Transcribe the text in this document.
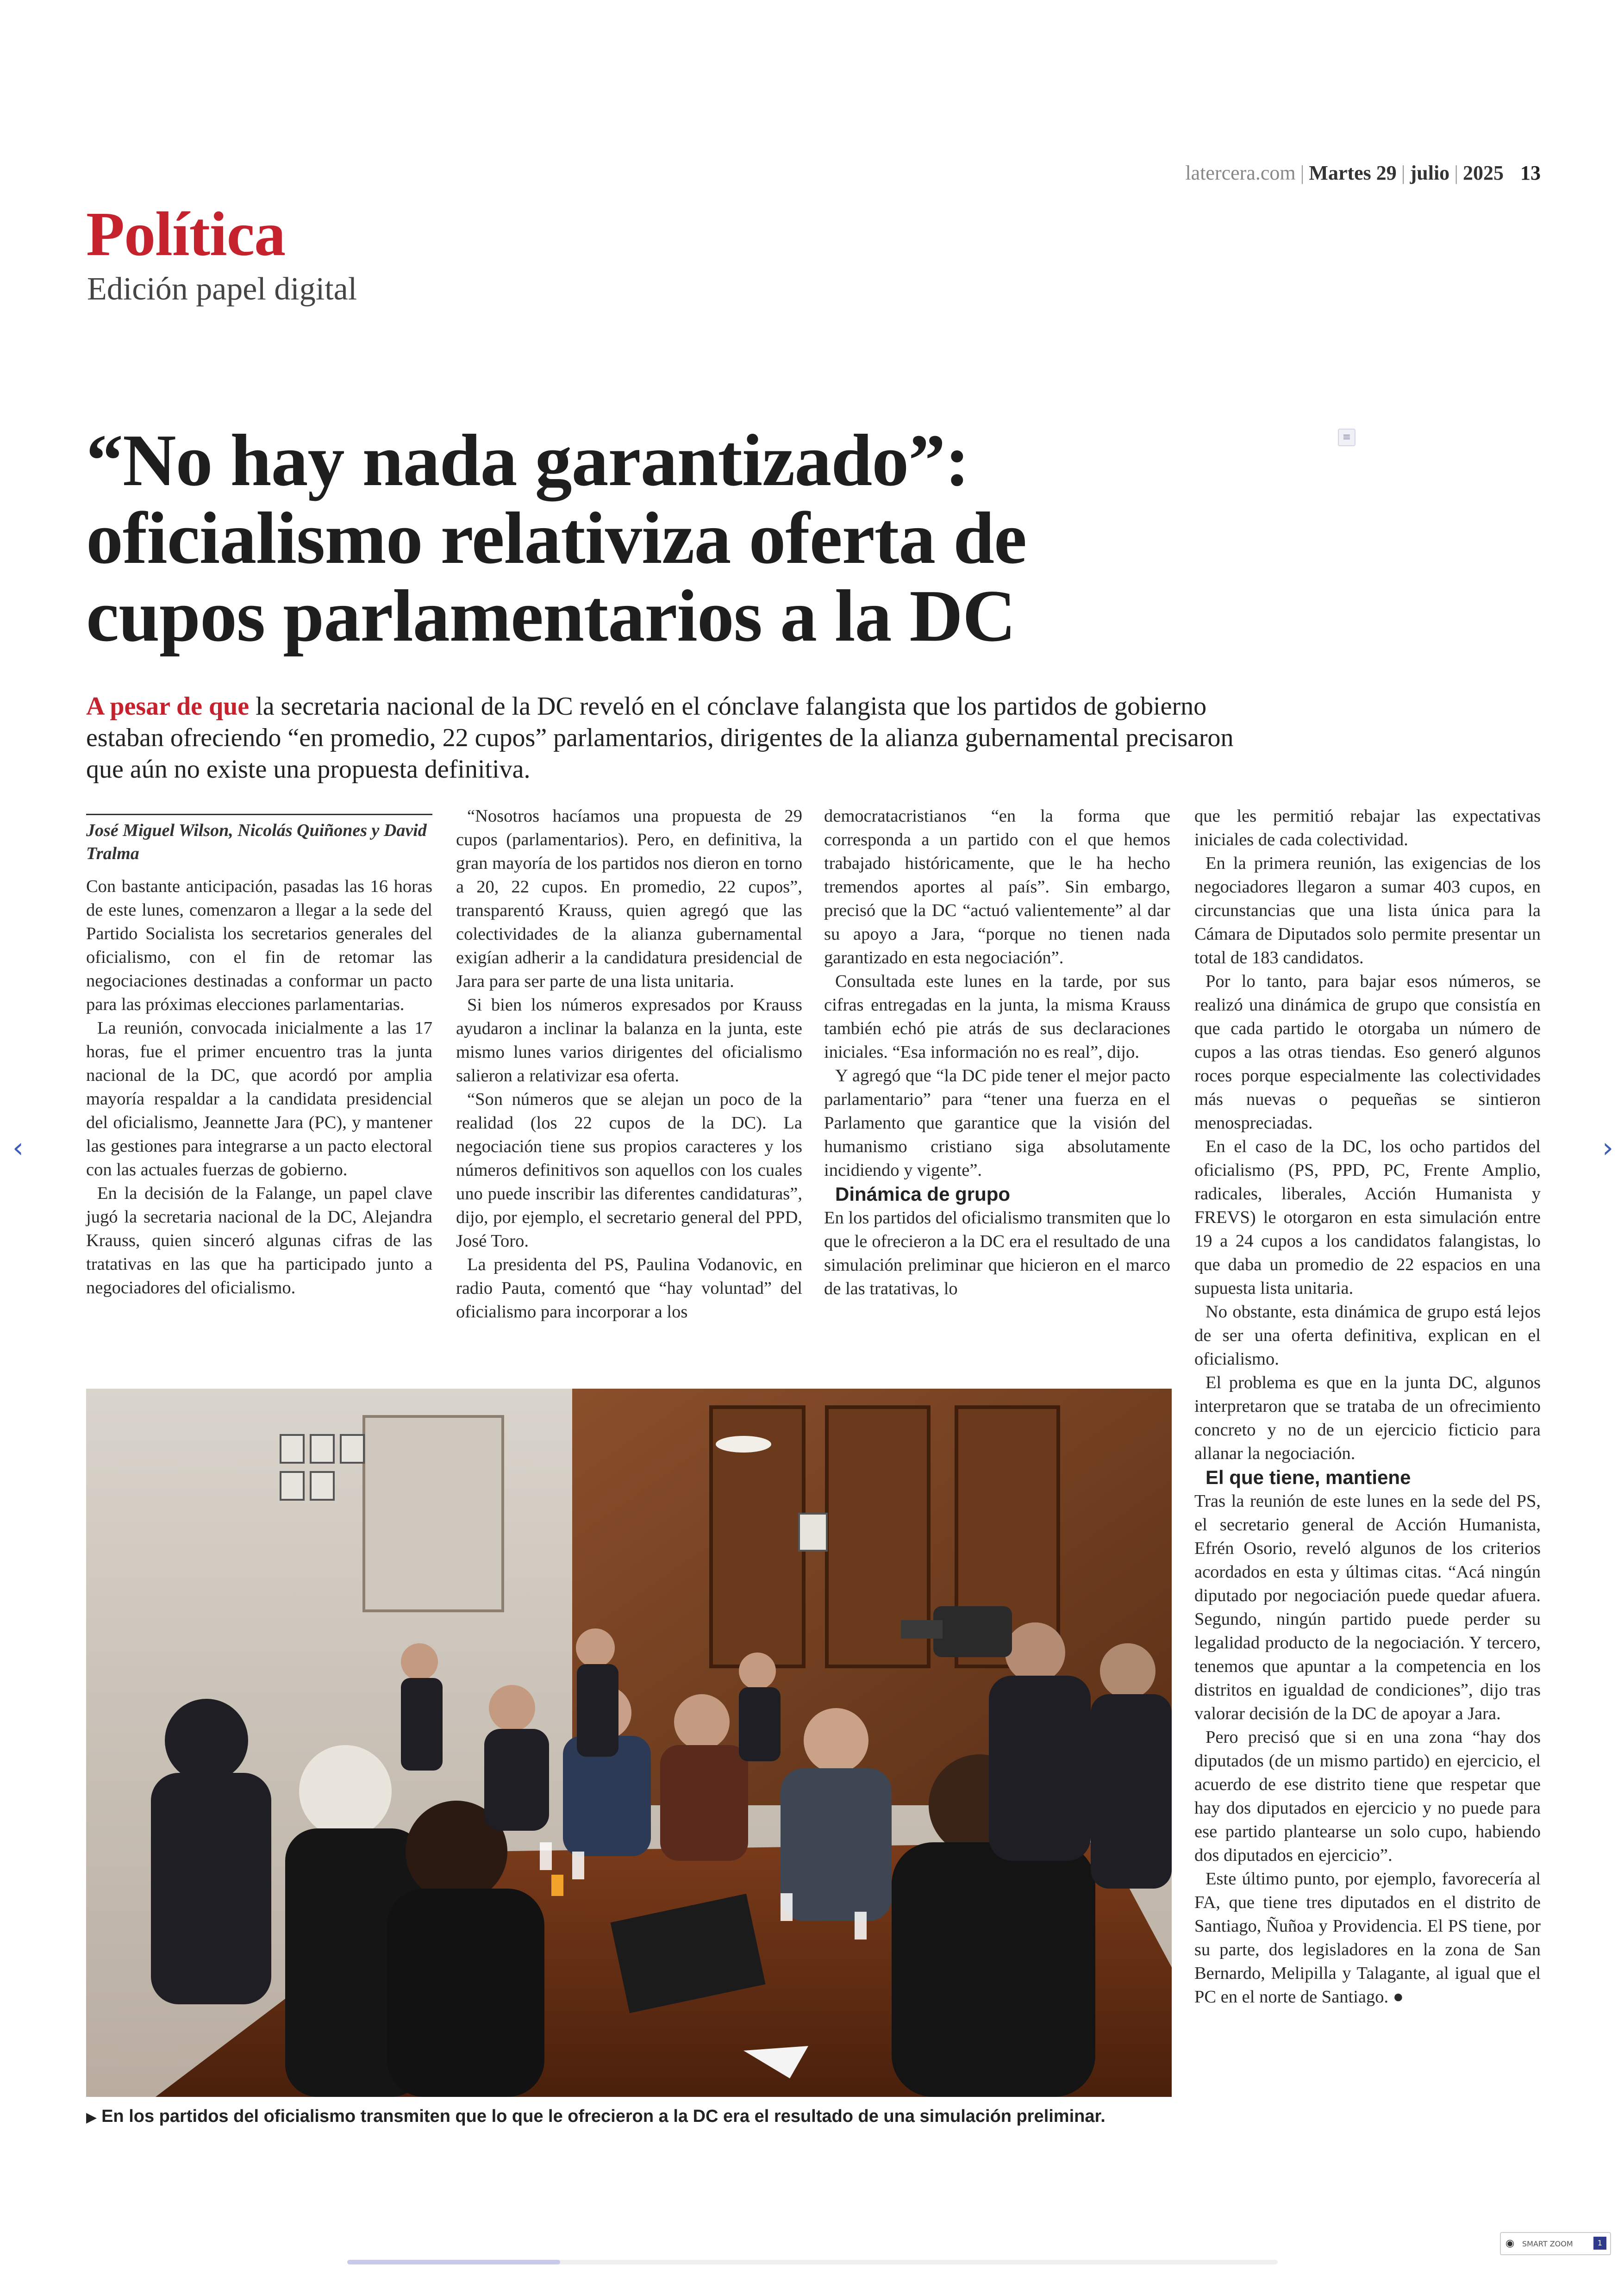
latercera.com | Martes 29 | julio | 2025 13
Política
Edición papel digital
≡
“No hay nada garantizado”: oficialismo relativiza oferta de cupos parlamentarios a la DC
A pesar de que la secretaria nacional de la DC reveló en el cónclave falangista que los partidos de gobierno estaban ofreciendo “en promedio, 22 cupos” parlamentarios, dirigentes de la alianza gubernamental precisaron que aún no existe una propuesta definitiva.
José Miguel Wilson, Nicolás Quiñones y David Tralma

Con bastante anticipación, pasadas las 16 horas de este lunes, comenzaron a llegar a la sede del Partido Socialista los secretarios generales del oficialismo, con el fin de retomar las negociaciones destinadas a conformar un pacto para las próximas elecciones parlamentarias.

La reunión, convocada inicialmente a las 17 horas, fue el primer encuentro tras la junta nacional de la DC, que acordó por amplia mayoría respaldar a la candidata presidencial del oficialismo, Jeannette Jara (PC), y mantener las gestiones para integrarse a un pacto electoral con las actuales fuerzas de gobierno.

En la decisión de la Falange, un papel clave jugó la secretaria nacional de la DC, Alejandra Krauss, quien sinceró algunas cifras de las tratativas en las que ha participado junto a negociadores del oficialismo.

“Nosotros hacíamos una propuesta de 29 cupos (parlamentarios). Pero, en definitiva, la gran mayoría de los partidos nos dieron en torno a 20, 22 cupos. En promedio, 22 cupos”, transparentó Krauss, quien agregó que las colectividades de la alianza gubernamental exigían adherir a la candidatura presidencial de Jara para ser parte de una lista unitaria.

Si bien los números expresados por Krauss ayudaron a inclinar la balanza en la junta, este mismo lunes varios dirigentes del oficialismo salieron a relativizar esa oferta.

“Son números que se alejan un poco de la realidad (los 22 cupos de la DC). La negociación tiene sus propios caracteres y los números definitivos son aquellos con los cuales uno puede inscribir las diferentes candidaturas”, dijo, por ejemplo, el secretario general del PPD, José Toro.

La presidenta del PS, Paulina Vodanovic, en radio Pauta, comentó que “hay voluntad” del oficialismo para incorporar a los

democratacristianos “en la forma que corresponda a un partido con el que hemos trabajado históricamente, que le ha hecho tremendos aportes al país”. Sin embargo, precisó que la DC “actuó valientemente” al dar su apoyo a Jara, “porque no tienen nada garantizado en esta negociación”.

Consultada este lunes en la tarde, por sus cifras entregadas en la junta, la misma Krauss también echó pie atrás de sus declaraciones iniciales. “Esa información no es real”, dijo.

Y agregó que “la DC pide tener el mejor pacto parlamentario” para “tener una fuerza en el Parlamento que garantice que la visión del humanismo cristiano siga absolutamente incidiendo y vigente”.

Dinámica de grupo

En los partidos del oficialismo transmiten que lo que le ofrecieron a la DC era el resultado de una simulación preliminar que hicieron en el marco de las tratativas, lo

que les permitió rebajar las expectativas iniciales de cada colectividad.

En la primera reunión, las exigencias de los negociadores llegaron a sumar 403 cupos, en circunstancias que una lista única para la Cámara de Diputados solo permite presentar un total de 183 candidatos.

Por lo tanto, para bajar esos números, se realizó una dinámica de grupo que consistía en que cada partido le otorgaba un número de cupos a las otras tiendas. Eso generó algunos roces porque especialmente las colectividades más nuevas o pequeñas se sintieron menospreciadas.

En el caso de la DC, los ocho partidos del oficialismo (PS, PPD, PC, Frente Amplio, radicales, liberales, Acción Humanista y FREVS) le otorgaron en esta simulación entre 19 a 24 cupos a los candidatos falangistas, lo que daba un promedio de 22 espacios en una supuesta lista unitaria.

No obstante, esta dinámica de grupo está lejos de ser una oferta definitiva, explican en el oficialismo.

El problema es que en la junta DC, algunos interpretaron que se trataba de un ofrecimiento concreto y no de un ejercicio ficticio para allanar la negociación.

El que tiene, mantiene

Tras la reunión de este lunes en la sede del PS, el secretario general de Acción Humanista, Efrén Osorio, reveló algunos de los criterios acordados en esta y últimas citas. “Acá ningún diputado por negociación puede quedar afuera. Segundo, ningún partido puede perder su legalidad producto de la negociación. Y tercero, tenemos que apuntar a la competencia en los distritos en igualdad de condiciones”, dijo tras valorar decisión de la DC de apoyar a Jara.

Pero precisó que si en una zona “hay dos diputados (de un mismo partido) en ejercicio, el acuerdo de ese distrito tiene que respetar que hay dos diputados en ejercicio y no puede para ese partido plantearse un solo cupo, habiendo dos diputados en ejercicio”.

Este último punto, por ejemplo, favorecería al FA, que tiene tres diputados en el distrito de Santiago, Ñuñoa y Providencia. El PS tiene, por su parte, dos legisladores en la zona de San Bernardo, Melipilla y Talagante, al igual que el PC en el norte de Santiago. ●

▶ En los partidos del oficialismo transmiten que lo que le ofrecieron a la DC era el resultado de una simulación preliminar.
‹	›
◉	SMART ZOOM	1
